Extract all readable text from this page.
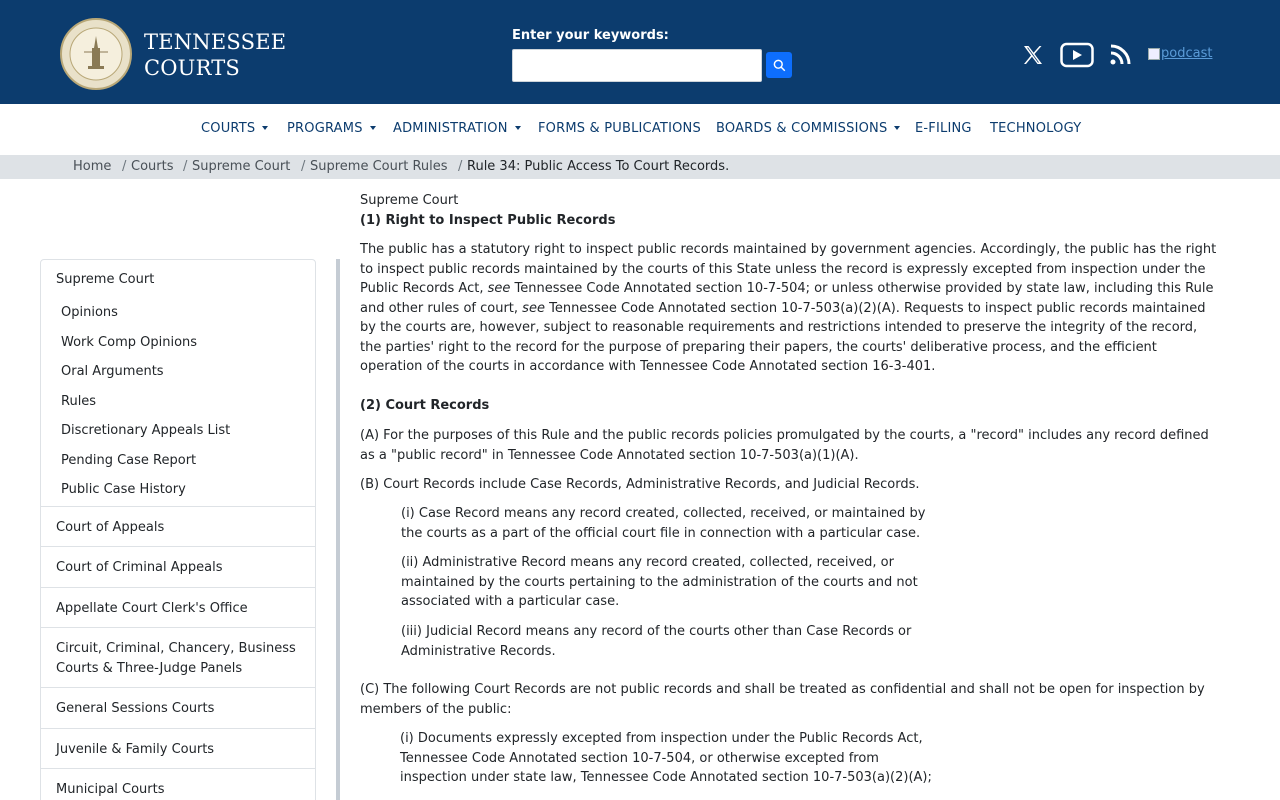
TENNESSEE
COURTS
Enter your keywords:
podcast
COURTS	PROGRAMS	ADMINISTRATION	FORMS & PUBLICATIONS BOARDS & COMMISSIONS	E-FILING TECHNOLOGY
Home / Courts / Supreme Court / Supreme Court Rules / Rule 34: Public Access To Court Records.
Supreme Court
Opinions
Work Comp Opinions
Oral Arguments
Rules
Discretionary Appeals List
Pending Case Report
Public Case History
Court of Appeals
Court of Criminal Appeals
Appellate Court Clerk's Office
Circuit, Criminal, Chancery, Business Courts & Three-Judge Panels
General Sessions Courts
Juvenile & Family Courts
Municipal Courts
Supreme Court
(1) Right to Inspect Public Records
The public has a statutory right to inspect public records maintained by government agencies. Accordingly, the public has the right to inspect public records maintained by the courts of this State unless the record is expressly excepted from inspection under the Public Records Act, see Tennessee Code Annotated section 10-7-504; or unless otherwise provided by state law, including this Rule and other rules of court, see Tennessee Code Annotated section 10-7-503(a)(2)(A). Requests to inspect public records maintained by the courts are, however, subject to reasonable requirements and restrictions intended to preserve the integrity of the record, the parties' right to the record for the purpose of preparing their papers, the courts' deliberative process, and the efficient operation of the courts in accordance with Tennessee Code Annotated section 16-3-401.
(2) Court Records
(A) For the purposes of this Rule and the public records policies promulgated by the courts, a "record" includes any record defined as a "public record" in Tennessee Code Annotated section 10-7-503(a)(1)(A).
(B) Court Records include Case Records, Administrative Records, and Judicial Records.
(i) Case Record means any record created, collected, received, or maintained by the courts as a part of the official court file in connection with a particular case.
(ii) Administrative Record means any record created, collected, received, or maintained by the courts pertaining to the administration of the courts and not associated with a particular case.
(iii) Judicial Record means any record of the courts other than Case Records or Administrative Records.
(C) The following Court Records are not public records and shall be treated as confidential and shall not be open for inspection by members of the public:
(i) Documents expressly excepted from inspection under the Public Records Act, Tennessee Code Annotated section 10-7-504, or otherwise excepted from  inspection under state law, Tennessee Code Annotated section 10-7-503(a)(2)(A);
